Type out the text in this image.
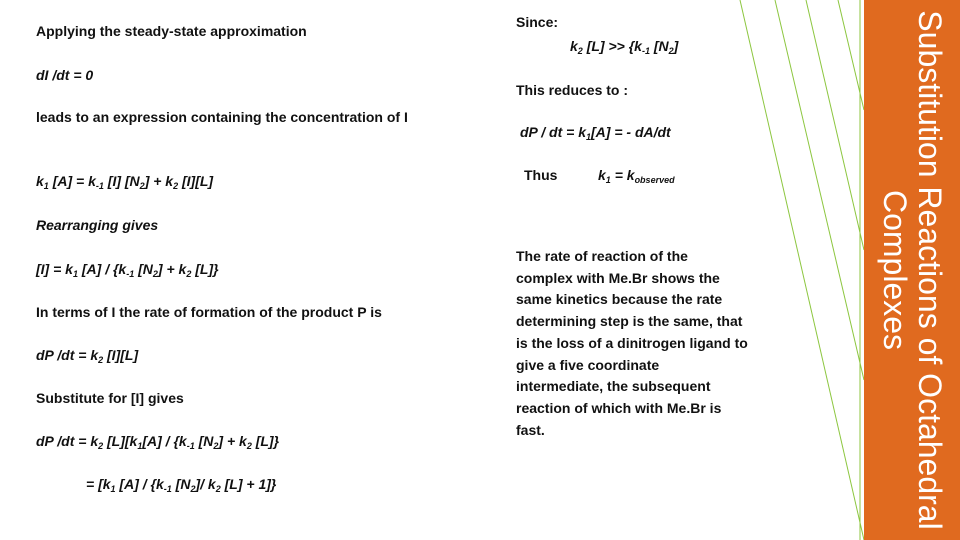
Substitution Reactions of Octahedral Complexes
Applying the steady-state approximation
dI /dt = 0
leads to an expression containing the concentration of I
$k_1$ $[A] = k_{-1}$ [I] $[N_2] + k_2$ [I][L]
Rearranging gives
$[I] = k_1$ $[A] / \{k_{-1}$ $[N_2] + k_2$ [L]}
In terms of I the rate of formation of the product P is
dP $/dt = k_2$ [I][L]
Substitute for [I] gives
dP $/dt = k_2$ $[L][k_1[A] / \{k_{-1}$ $[N_2] + k_2$ [L]}
= [$k_1$ $[A] / \{k_{-1}$ $[N_2]/$ $k_2$ [L] + 1]}
Since:
$k_2$ $[L] >> \{k_{-1}$ $[N_2]$
This reduces to :
dP / dt = $k_1[A]$ = - dA/dt
Thus	$k_1 = k_{observed}$
The rate of reaction of the complex with Me.Br shows the same kinetics because the rate determining step is the same, that is the loss of a dinitrogen ligand to give a five coordinate intermediate, the subsequent reaction of which with Me.Br is fast.
